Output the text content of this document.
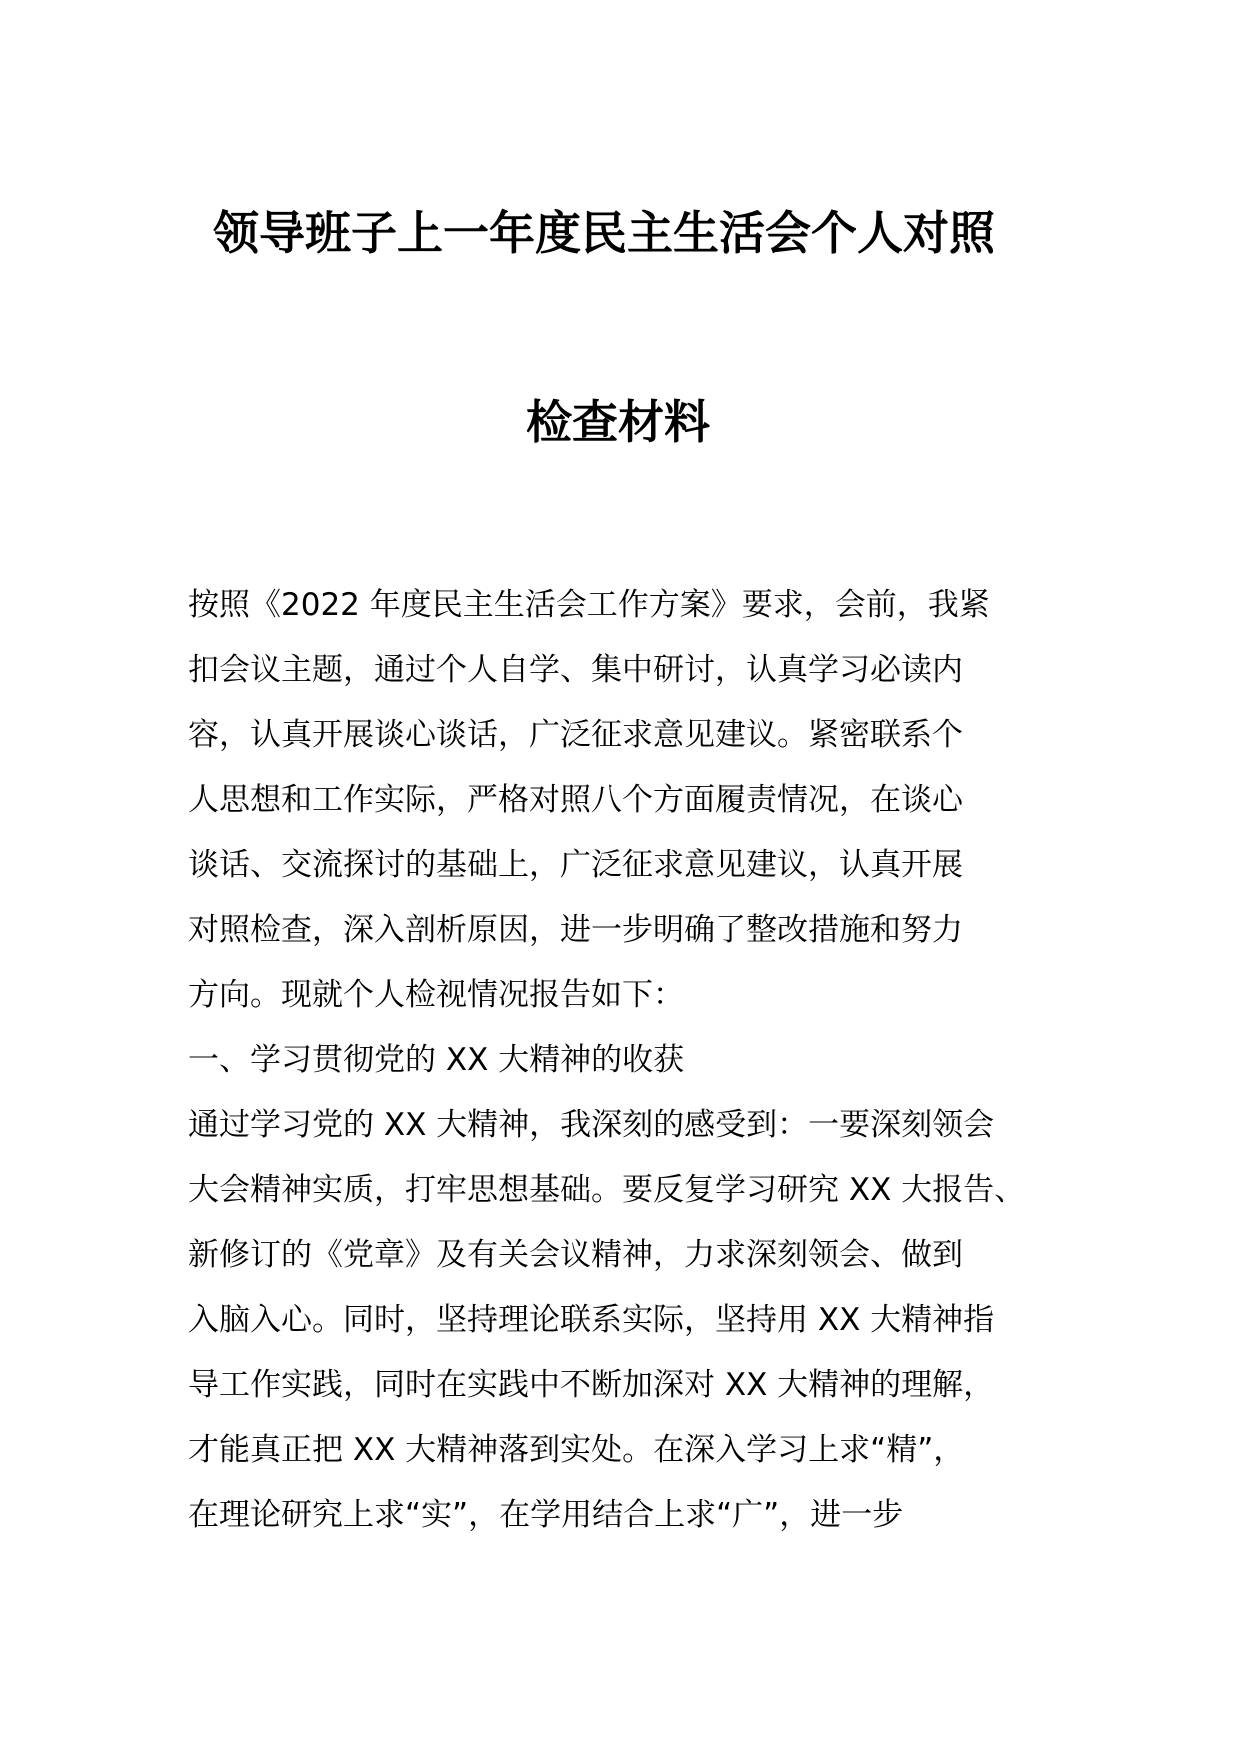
领导班子上一年度民主生活会个人对照
检查材料
按照《2022 年度民主生活会工作方案》要求，会前，我紧
扣会议主题，通过个人自学、集中研讨，认真学习必读内
容，认真开展谈心谈话，广泛征求意见建议。紧密联系个
人思想和工作实际，严格对照八个方面履责情况，在谈心
谈话、交流探讨的基础上，广泛征求意见建议，认真开展
对照检查，深入剖析原因，进一步明确了整改措施和努力
方向。现就个人检视情况报告如下：
一、学习贯彻党的 XX 大精神的收获
通过学习党的 XX 大精神，我深刻的感受到：一要深刻领会
大会精神实质，打牢思想基础。要反复学习研究 XX 大报告、
新修订的《党章》及有关会议精神，力求深刻领会、做到
入脑入心。同时，坚持理论联系实际，坚持用 XX 大精神指
导工作实践，同时在实践中不断加深对 XX 大精神的理解，
才能真正把 XX 大精神落到实处。在深入学习上求“精”，
在理论研究上求“实”，在学用结合上求“广”，进一步
